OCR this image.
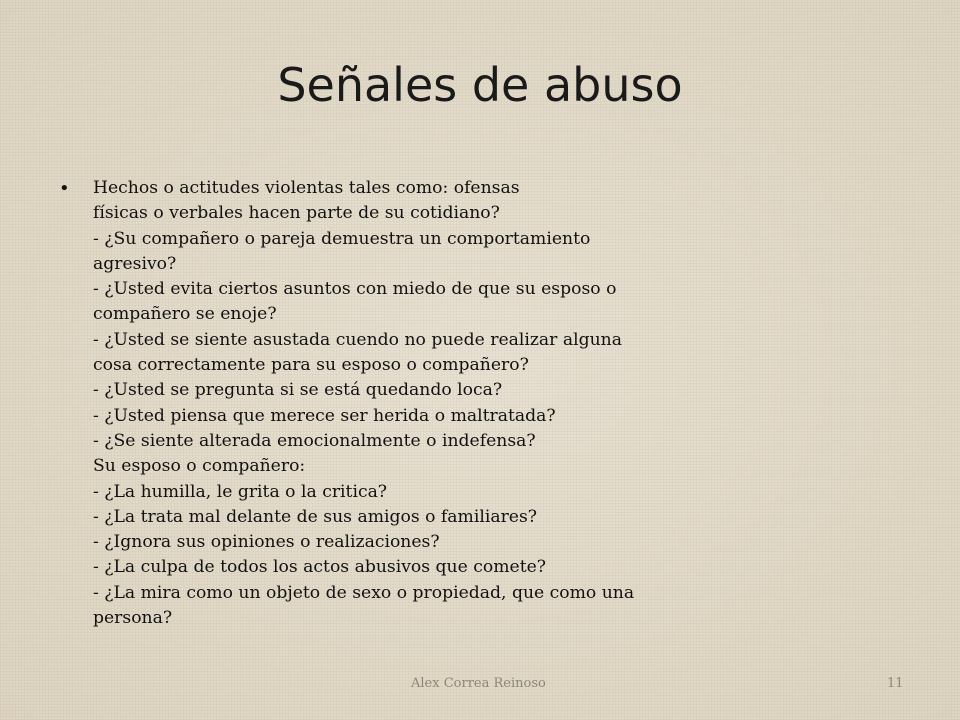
Señales de abuso
• Hechos o actitudes violentas tales como: ofensas
físicas o verbales hacen parte de su cotidiano?
- ¿Su compañero o pareja demuestra un comportamiento
agresivo?
- ¿Usted evita ciertos asuntos con miedo de que su esposo o
compañero se enoje?
- ¿Usted se siente asustada cuendo no puede realizar alguna
cosa correctamente para su esposo o compañero?
- ¿Usted se pregunta si se está quedando loca?
- ¿Usted piensa que merece ser herida o maltratada?
- ¿Se siente alterada emocionalmente o indefensa?
Su esposo o compañero:
- ¿La humilla, le grita o la critica?
- ¿La trata mal delante de sus amigos o familiares?
- ¿Ignora sus opiniones o realizaciones?
- ¿La culpa de todos los actos abusivos que comete?
- ¿La mira como un objeto de sexo o propiedad, que como una
persona?
Alex Correa Reinoso	11
